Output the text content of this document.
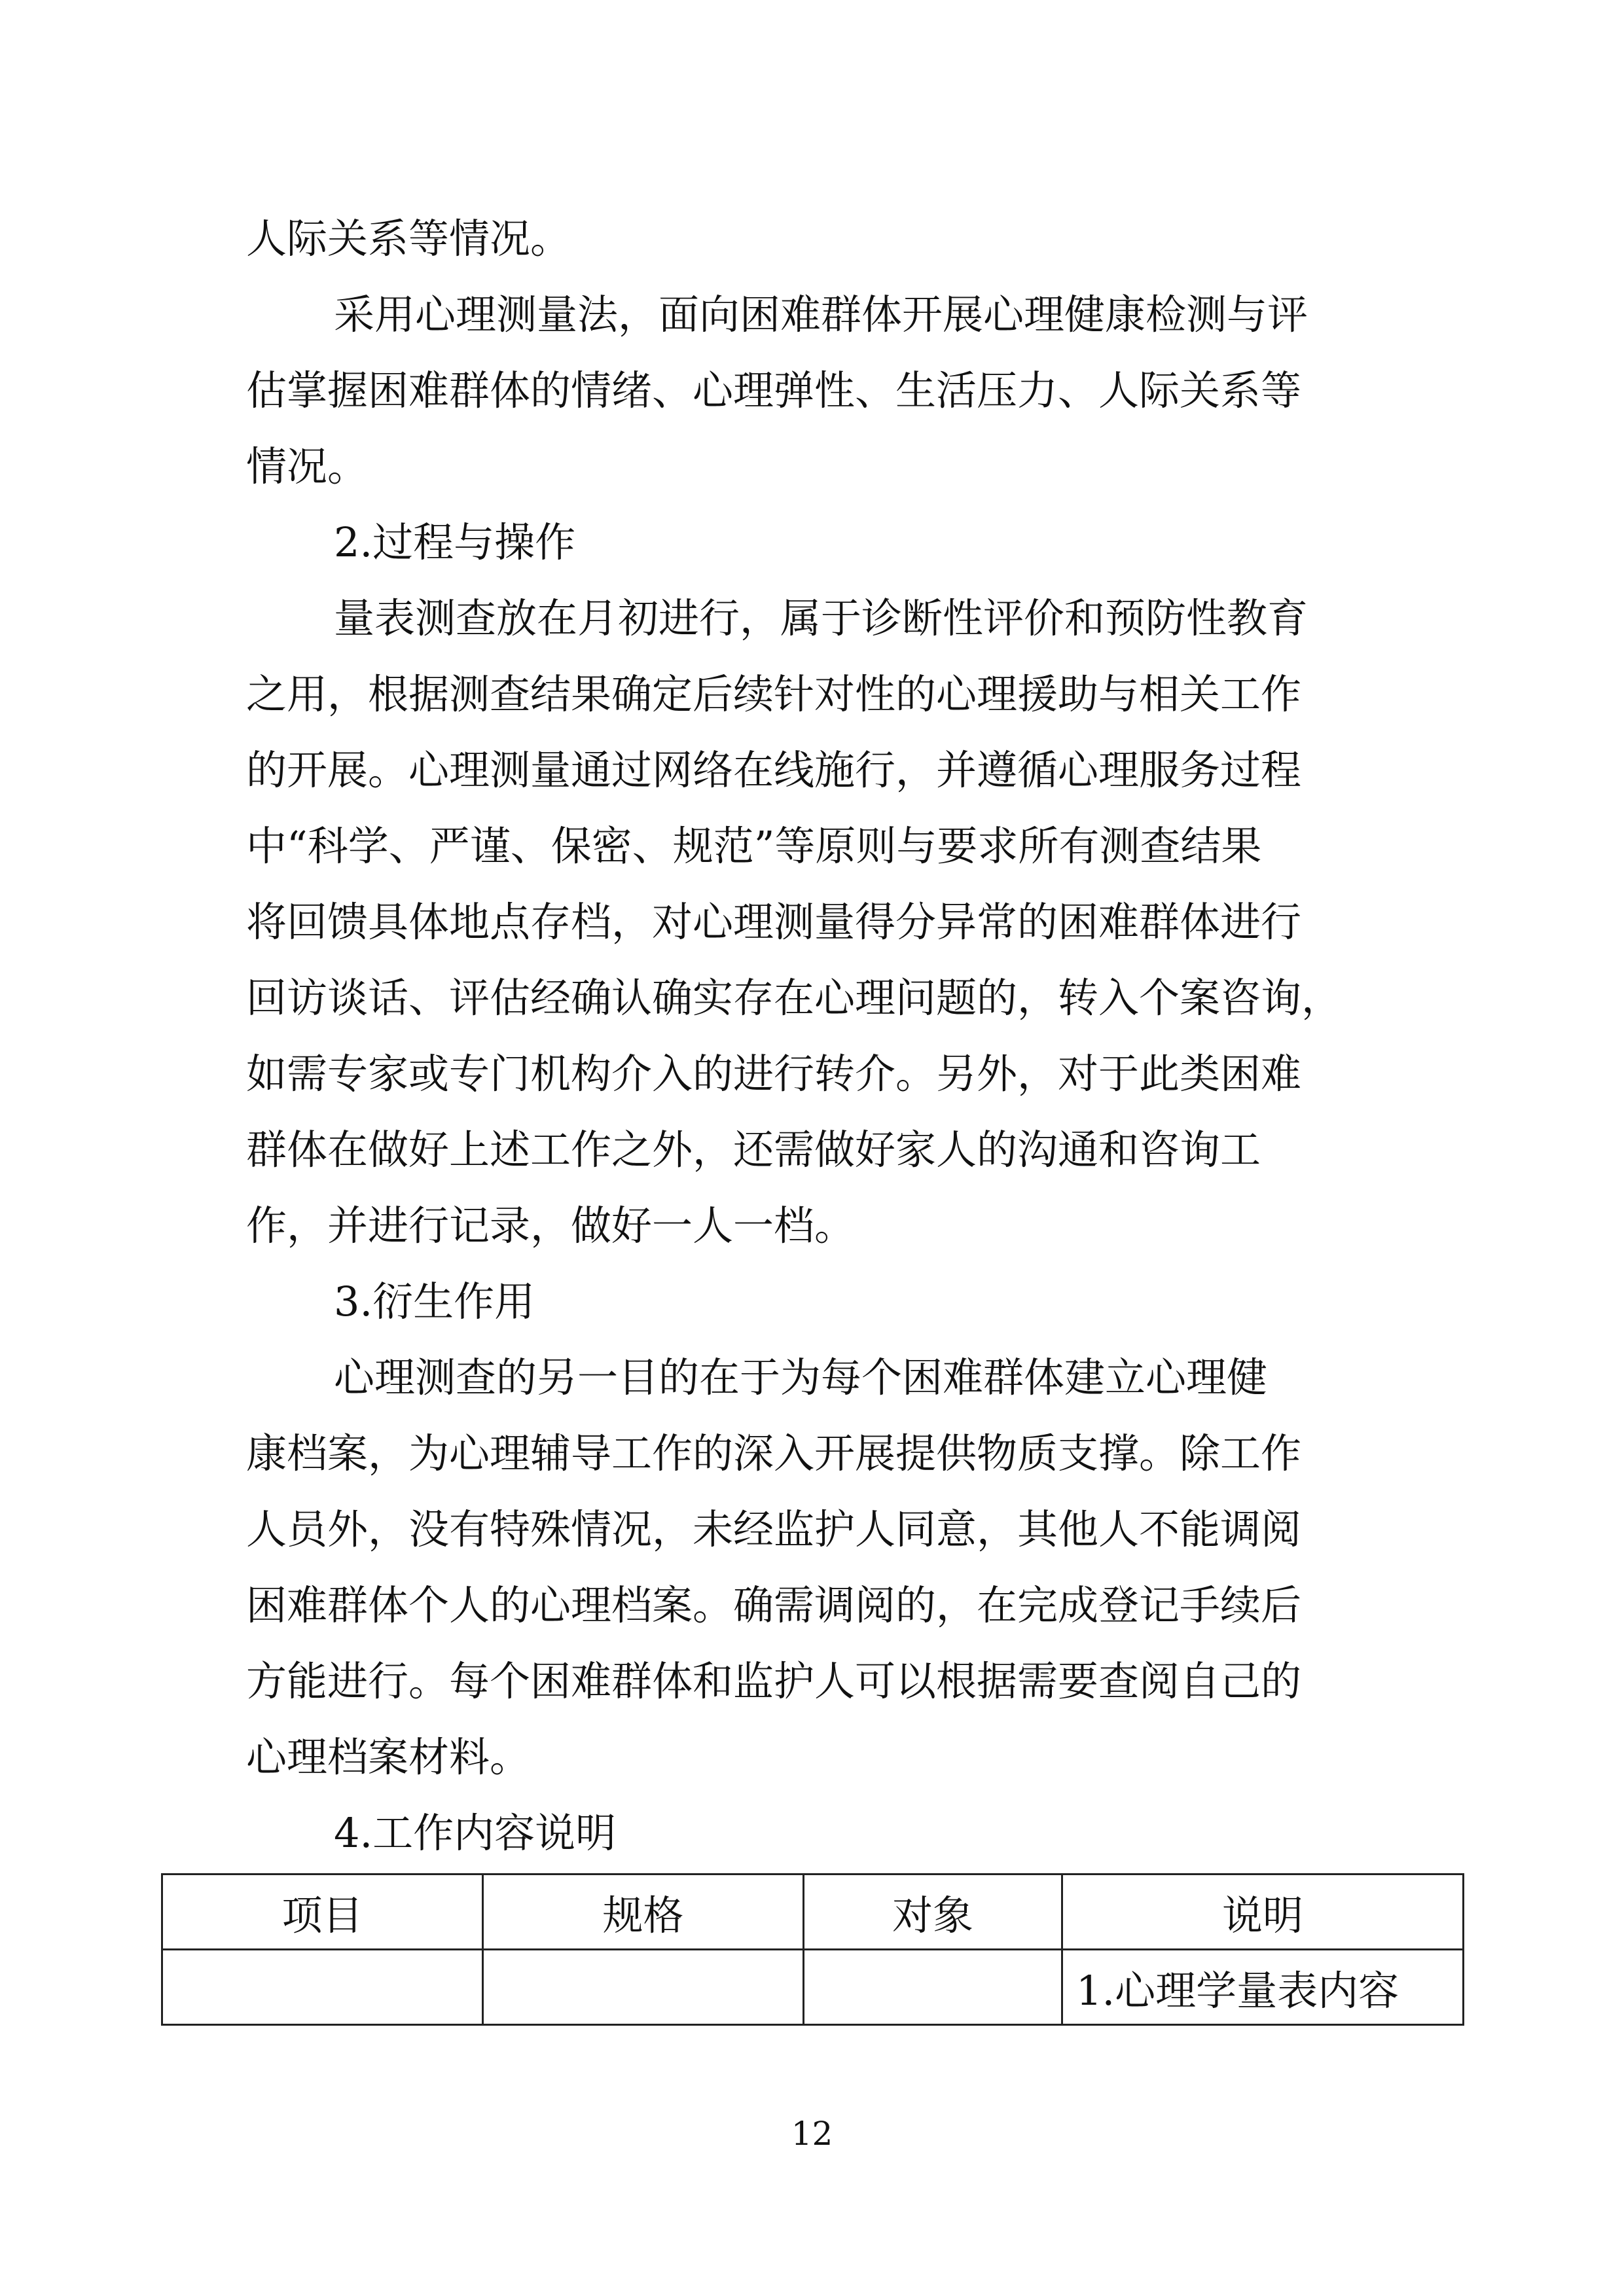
人际关系等情况。
采用心理测量法，面向困难群体开展心理健康检测与评
估掌握困难群体的情绪、心理弹性、生活压力、人际关系等
情况。
2.过程与操作
量表测查放在月初进行，属于诊断性评价和预防性教育
之用，根据测查结果确定后续针对性的心理援助与相关工作
的开展。心理测量通过网络在线施行，并遵循心理服务过程
中“科学、严谨、保密、规范”等原则与要求所有测查结果
将回馈具体地点存档，对心理测量得分异常的困难群体进行
回访谈话、评估经确认确实存在心理问题的，转入个案咨询，
如需专家或专门机构介入的进行转介。另外，对于此类困难
群体在做好上述工作之外，还需做好家人的沟通和咨询工
作，并进行记录，做好一人一档。
3.衍生作用
心理测查的另一目的在于为每个困难群体建立心理健
康档案，为心理辅导工作的深入开展提供物质支撑。除工作
人员外，没有特殊情况，未经监护人同意，其他人不能调阅
困难群体个人的心理档案。确需调阅的，在完成登记手续后
方能进行。每个困难群体和监护人可以根据需要查阅自己的
心理档案材料。
4.工作内容说明
项目	规格	对象	说明
			1.心理学量表内容
12
